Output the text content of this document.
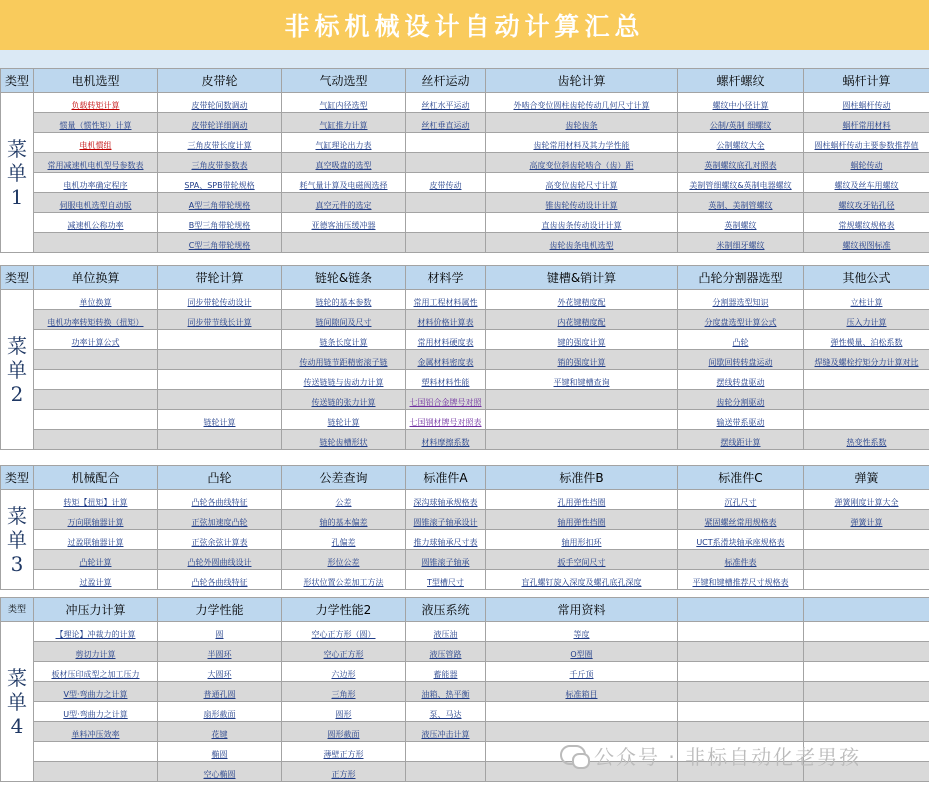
非标机械设计自动计算汇总
类型	电机选型	皮带轮	气动选型	丝杆运动	齿轮计算	螺杆螺纹	蜗杆计算

菜
单
1	负载转矩计算	皮带轮间数调动	气缸内径选型	丝杠水平运动	外啮合变位圆柱齿轮传动几何尺寸计算	螺纹中小径计算	圆柱蜗杆传动
	惯量（惯性矩）计算	皮带轮详细调动	气缸推力计算	丝杠垂直运动	齿轮齿条	公制/英制 细螺纹	蜗杆常用材料
	电机慣组	三角皮带长度计算	气缸理论出力表		齿轮常用材料及其力学性能	公制螺纹大全	圆柱蜗杆传动主要参数推荐值
	常用减速机电机型号参数表	三角皮带参数表	真空吸盘的选型		高度变位斜齿轮啮合（齿）距	英制螺纹底孔对照表	蜗轮传动
	电机功率确定程序	SPA、SPB带轮规格	耗气量计算及电磁阀选择	皮带传动	高变位齿轮尺寸计算	美制管细螺纹&英制电器螺纹	螺纹及丝车用螺纹
	伺服电机选型自动版	A型三角带轮规格	真空元件的选定		锥齿轮传动设计计算	英制、美制管螺纹	螺纹攻牙钻孔径
	减速机公称功率	B型三角带轮规格	亚德客油压缓冲器		直齿齿条传动设计计算	英制螺纹	常规螺纹规格表
		C型三角带轮规格			齿轮齿条电机选型	米制细牙螺纹	螺纹视图标准
类型	单位换算	带轮计算	链轮&链条	材料学	键槽&销计算	凸轮分割器选型	其他公式

菜
单
2	单位换算	同步带轮传动设计	链轮的基本参数	常用工程材料属性	外花键精度配	分割器选型知识	立柱计算
	电机功率转矩转换（扭矩）	同步带节线长计算	链间隙间及尺寸	材料价格计算表	内花键精度配	分度盘选型计算公式	压入力计算
	功率计算公式		链条长度计算	常用材料硬度表	键的强度计算	凸轮	弹性模量、泊松系数
			传动用链节距精密滚子链	金属材料密度表	销的强度计算	间歇回转转盘运动	焊缝及螺栓拧矩分力计算对比
			传送链链与齿动力计算	塑料材料性能	平键和键槽查询	摆线转盘驱动	
			传送链的张力计算	七国铝合金牌号对照		齿轮分割驱动	
		链轮计算	链轮计算	七国钢材牌号对照表		输送带系驱动	
			链轮齿槽形状	材料摩擦系数		摆线距计算	热变性系数
类型	机械配合	凸轮	公差查询	标准件A	标准件B	标准件C	弹簧

菜
单
3	转矩【扭矩】计算	凸轮各曲线特征	公差	深沟球轴承规格表	孔用弹性挡圈	沉孔尺寸	弹簧刚度计算大全
	万向联轴器计算	正弦加速度凸轮	轴的基本偏差	圆锥滚子轴承设计	轴用弹性挡圈	紧固螺丝常用规格表	弹簧计算
	过盈联轴器计算	正弦余弦计算表	孔偏差	推力球轴承尺寸表	轴用形扣环	UCT系滑块轴承座规格表	
	凸轮计算	凸轮外圆曲线设计	形位公差	圆锥滚子轴承	扳手空间尺寸	标准件表	
	过盈计算	凸轮各曲线特征	形状位置公差加工方法	T型槽尺寸	盲孔螺钉旋入深度及螺孔底孔深度	平键和键槽推荐尺寸规格表	
类型	冲压力计算	力学性能	力学性能2	液压系统	常用资料		

菜
单
4	【理论】冲裁力的计算	圆	空心正方形（圆）	液压油	等度		
	剪切力计算	半圆环	空心正方形	液压管路	O型圈		
	板材压印成型之加工压力	大圆环	六边形	蓄能器	千斤顶		
	V型·弯曲力之计算	普通孔圆	三角形	油箱、热平衡	标准箱目		
	U型·弯曲力之计算	扇形截面	圆形	泵、马达			
	单料冲压效率	花键	圆形截面	液压冲击计算			
		椭圆	薄壁正方形				
		空心椭圆	正方形				
公众号 · 非标自动化老男孩
